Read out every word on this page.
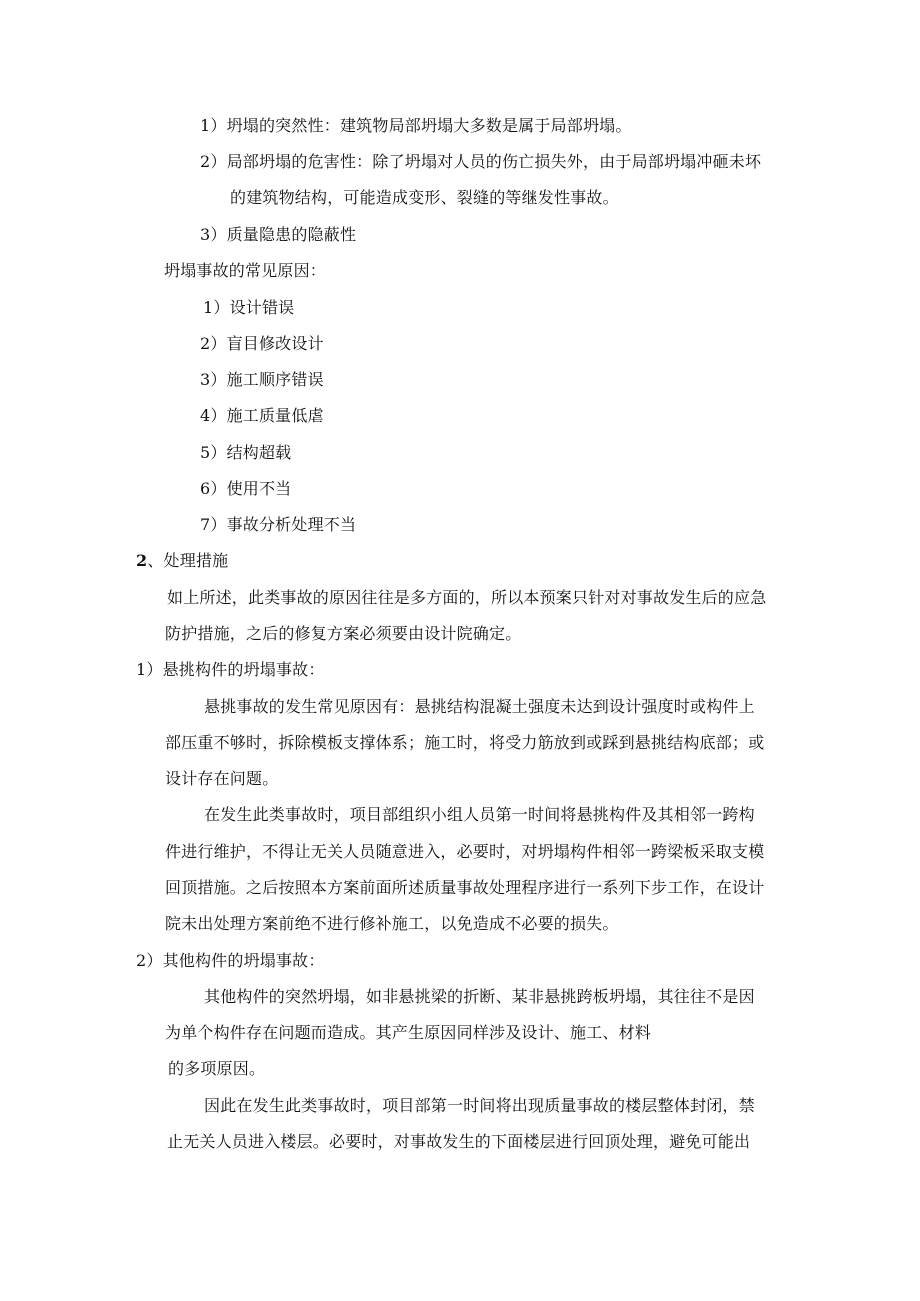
1）坍塌的突然性：建筑物局部坍塌大多数是属于局部坍塌。
2）局部坍塌的危害性：除了坍塌对人员的伤亡损失外，由于局部坍塌冲砸未坏
的建筑物结构，可能造成变形、裂缝的等继发性事故。
3）质量隐患的隐蔽性
坍塌事故的常见原因：
1）设计错误
2）盲目修改设计
3）施工顺序错误
4）施工质量低虐
5）结构超载
6）使用不当
7）事故分析处理不当
2、处理措施
如上所述，此类事故的原因往往是多方面的，所以本预案只针对对事故发生后的应急
防护措施，之后的修复方案必须要由设计院确定。
1）悬挑构件的坍塌事故：
悬挑事故的发生常见原因有：悬挑结构混凝土强度未达到设计强度时或构件上
部压重不够时，拆除模板支撑体系；施工时，将受力筋放到或踩到悬挑结构底部；或
设计存在问题。
在发生此类事故时，项目部组织小组人员第一时间将悬挑构件及其相邻一跨构
件进行维护，不得让无关人员随意进入，必要时，对坍塌构件相邻一跨梁板采取支模
回顶措施。之后按照本方案前面所述质量事故处理程序进行一系列下步工作，在设计
院未出处理方案前绝不进行修补施工，以免造成不必要的损失。
2）其他构件的坍塌事故：
其他构件的突然坍塌，如非悬挑梁的折断、某非悬挑跨板坍塌，其往往不是因
为单个构件存在问题而造成。其产生原因同样涉及设计、施工、材料
的多项原因。
因此在发生此类事故时，项目部第一时间将出现质量事故的楼层整体封闭，禁
止无关人员进入楼层。必要时，对事故发生的下面楼层进行回顶处理，避免可能出
